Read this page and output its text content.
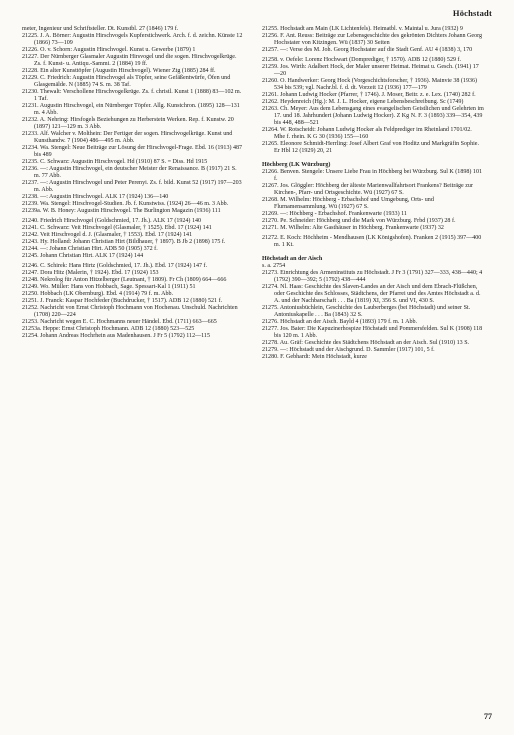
Höchstadt
meter, Ingenieur und Schriftsteller. Dt. Kunstbl. 27 (1846) 179 f.
21225. J. A. Börner: Augustin Hirschvogels Kupferstichwerk. Arch. f. d. zeichn. Künste 12 (1866) 73—109
21226. O. v. Schorn: Augustin Hirschvogel. Kunst u. Gewerbe (1879) 1
21227. Der Nürnberger Glasmaler Augustin Hirsvogel und die sogen. Hirschvogelkrüge. Zs. f. Kunst- u. Antiqu.-Sammi. 2 (1884) 19 ff.
21228. Ein alter Kunsttöpfer (Augustin Hirschvogel). Wiener Ztg (1885) 284 ff.
21229. C. Friedrich: Augustin Hirschvogel als Töpfer, seine Gefäßentwürfe, Öfen und Glasgemälde. N (1885) 74 S. m. 38 Taf.
21230. Thewalt: Verschollene Hirschvogelkrüge. Zs. f. christl. Kunst 1 (1888) 83—102 m. 1 Taf.
21231. Augustin Hirschvogel, ein Nürnberger Töpfer. Allg. Kunstchron. (1895) 128—131 m. 4 Abb.
21232. A. Nehring: Hirsfogels Beziehungen zu Herberstein Werken. Rep. f. Kunstw. 20 (1897) 121—129 m. 3 Abb.
21233. Alf. Walcher v. Molthein: Der Fertiger der sogen. Hirschvogelkrüge. Kunst und Kunsthandw. 7 (1904) 486—495 m. Abb.
21234. Wa. Stengel: Neue Beiträge zur Lösung der Hirschvogel-Frage. Ebd. 16 (1913) 487 bis 489
21235. C. Schwarz: Augustin Hirschvogel. Hd (1910) 87 S. = Diss. Hd 1915
21236. —: Augustin Hirschvogel, ein deutscher Meister der Renaissance. B (1917) 21 S. m. 77 Abb.
21237. —: Augustin Hirschvogel und Peter Perenyi. Zs. f. bild. Kunst 52 (1917) 197—203 m. Abb.
21238. —: Augustin Hirschvogel. ALK 17 (1924) 136—140
21239. Wa. Stengel: Hirschvogel-Studien. Jb. f. Kunstwiss. (1924) 26—46 m. 3 Abb.
21239a. W. B. Honey: Augustin Hirschvogel. The Burlington Magazin (1936) 111
21240. Friedrich Hirschvogel (Goldschmied, 17. Jh.). ALK 17 (1924) 140
21241. C. Schwarz: Veit Hirschvogel (Glasmaler, † 1525). Ebd. 17 (1924) 141
21242. Veit Hirschvogel d. J. (Glasmaler, † 1553). Ebd. 17 (1924) 141
21243. Hy. Holland: Johann Christian Hirt (Bildhauer, † 1897). B Jb 2 (1898) 175 f.
21244. —: Johann Christian Hirt. ADB 50 (1905) 372 f.
21245. Johann Christian Hirt. ALK 17 (1924) 144
21246. C. Schirek: Hans Hirtz (Goldschmied, 17. Jh.). Ebd. 17 (1924) 147 f.
21247. Dora Hitz (Malerin, † 1924). Ebd. 17 (1924) 153
21248. Nekrolog für Anton Hitzelberger (Leutnant, † 1809). Fr Ch (1809) 664—666
21249. Wo. Müller: Hans von Hobbach, Sage. Spessart-Kal 1 (1911) 51
21250. Hobbach (LK Obernburg). Ebd. 4 (1914) 79 f. m. Abb.
21251. J. Franck: Kaspar Hochfeder (Buchdrucker, † 1517). ADB 12 (1880) 521 f.
21252. Nachricht von Ernst Christoph Hochmann von Hochenau. Unschuld. Nachrichten (1708) 220—224
21253. Nachricht wegen E. C. Hochmanns neuer Händel. Ebd. (1711) 663—665
21253a. Heppe: Ernst Christoph Hochmann. ADB 12 (1880) 523—525
21254. Johann Andreas Hochrhein aus Madenhausen. J Fr 5 (1792) 112—115
21255. Hochstadt am Main (LK Lichtenfels). Heimatbl. v. Maintal u. Jura (1932) 9
21256. F. Ant. Reuss: Beiträge zur Lebensgeschichte des gekrönten Dichters Johann Georg Hochstater von Kitzingen. Wü (1837) 30 Seiten
21257. —: Verse des M. Joh. Georg Hochstater auf die Stadt Genf. AU 4 (1838) 3, 170
21258. v. Oefele: Lorenz Hochwart (Domprediger, † 1570). ADB 12 (1880) 529 f.
21259. Jos. Wirth: Adalbert Hock, der Maler unserer Heimat. Heimat u. Gesch. (1941) 17—20
21260. O. Handwerker: Georg Hock (Vorgeschichtsforscher, † 1936). Mainvie 38 (1936) 534 bis 539; vgl. Nachr.bl. f. d. dt. Vorzeit 12 (1936) 177—179
21261. Johann Ludwig Hocker (Pfarrer, † 1746). J. Moser, Beitr. z. e. Lex. (1740) 282 f.
21262. Heydenreich (Hg.): M. J. L. Hocker, eigene Lebensbeschreibung. Sc (1749)
21263. Ch. Meyer: Aus dem Lebensgang eines evangelischen Geistlichen und Gelehrten im 17. und 18. Jahrhundert (Johann Ludwig Hocker). Z Kg N. F. 3 (1893) 339—354, 439 bis 448, 488—521
21264. W. Rotscheidt: Johann Ludwig Hocker als Feldprediger im Rheinland 1701/02. Mhe f. rhein. K G 30 (1936) 155—160
21265. Eleonore Schmidt-Herrling: Josef Albert Graf von Hoditz und Markgräfin Sophie. Er Hbl 12 (1929) 20, 21
Höchberg (LK Würzburg)
21266. Benven. Stengele: Unsere Liebe Frau in Höchberg bei Würzburg. Sul K (1898) 101 f.
21267. Jos. Glöggler: Höchberg der älteste Marienwallfahrtsort Frankens? Beiträge zur Kirchen-, Pfarr- und Ortsgeschichte. Wü (1927) 67 S.
21268. M. Wilhelm: Höchberg - Erbachshof und Umgebung, Orts- und Flurnamensammlung. Wü (1927) 67 S.
21269. —: Höchberg - Erbachshof. Frankenwarte (1933) 11
21270. Pe. Schneider: Höchberg und die Mark von Würzburg. Frbd (1937) 28 f.
21271. M. Wilhelm: Alte Gasthäuser in Höchberg. Frankenwarte (1937) 32
21272. E. Koch: Höchheim - Mendhausen (LK Königshofen). Franken 2 (1915) 397—400 m. 1 Kt.
Höchstadt an der Aisch
s. a. 2754
21273. Einrichtung des Armeninstituts zu Höchstadt. J Fr 3 (1791) 327—333, 438—440; 4 (1792) 390—392; 5 (1792) 438—444
21274. Nl. Haas: Geschichte des Slaven-Landes an der Aisch und dem Ebrach-Flüßchen, oder Geschichte des Schlosses, Städtchens, der Pfarrei und des Amtes Höchstadt a. d. A. und der Nachbarschaft . . . Ba (1819) XI, 356 S. und VI, 430 S.
21275. Antoniusbüchlein, Geschichte des Lauberberges (bei Höchstadt) und seiner St. Antoniuskapelle . . . Ba (1843) 32 S.
21276. Höchstadt an der Aisch. Bayld 4 (1893) 179 f. m. 1 Abb.
21277. Jos. Baier: Die Kapuzinerhospize Höchstadt und Pommersfelden. Sul K (1908) 118 bis 120 m. 1 Abb.
21278. Au. Gräf: Geschichte des Städtchens Höchstadt an der Aisch. Sul (1910) 13 S.
21279. —: Höchstadt und der Aischgrund. D. Sammler (1917) 101, 5 f.
21280. F. Gebhardt: Mein Höchstadt, kurze
77
